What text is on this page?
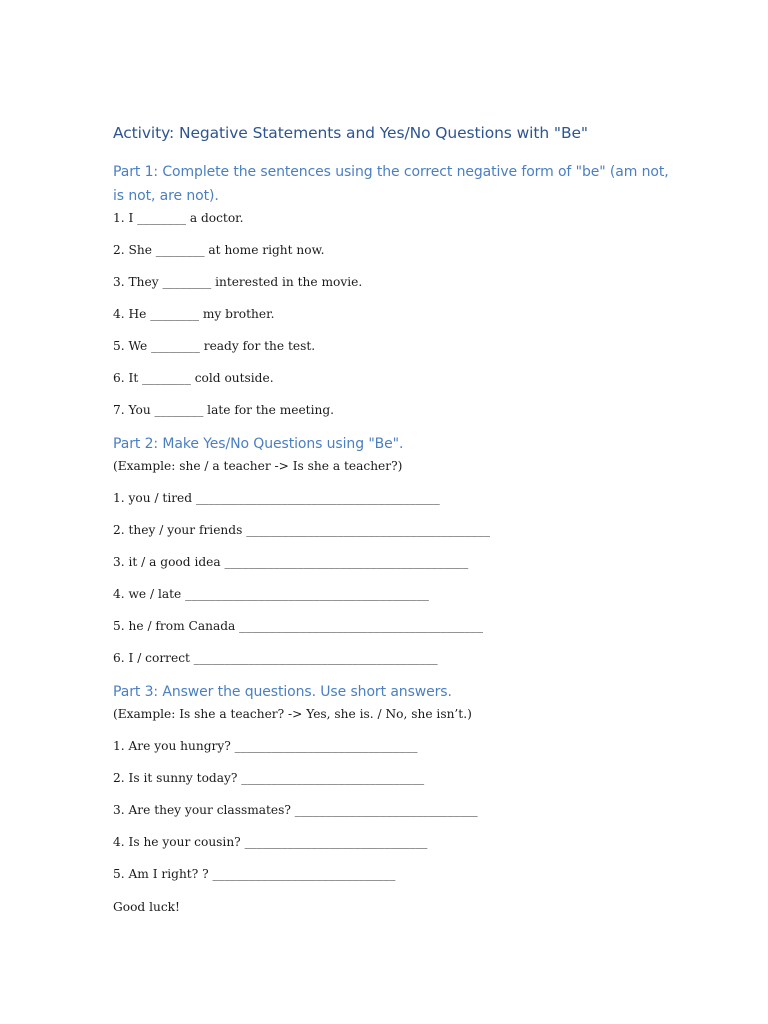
Activity: Negative Statements and Yes/No Questions with "Be"
Part 1: Complete the sentences using the correct negative form of "be" (am not,
is not, are not).
1. I ________ a doctor.
2. She ________ at home right now.
3. They ________ interested in the movie.
4. He ________ my brother.
5. We ________ ready for the test.
6. It ________ cold outside.
7. You ________ late for the meeting.
Part 2: Make Yes/No Questions using "Be".
(Example: she / a teacher -> Is she a teacher?)
1. you / tired ________________________________________
2. they / your friends ________________________________________
3. it / a good idea ________________________________________
4. we / late ________________________________________
5. he / from Canada ________________________________________
6. I / correct ________________________________________
Part 3: Answer the questions. Use short answers.
(Example: Is she a teacher? -> Yes, she is. / No, she isn’t.)
1. Are you hungry? ______________________________
2. Is it sunny today? ______________________________
3. Are they your classmates? ______________________________
4. Is he your cousin? ______________________________
5. Am I right? ? ______________________________
Good luck!
